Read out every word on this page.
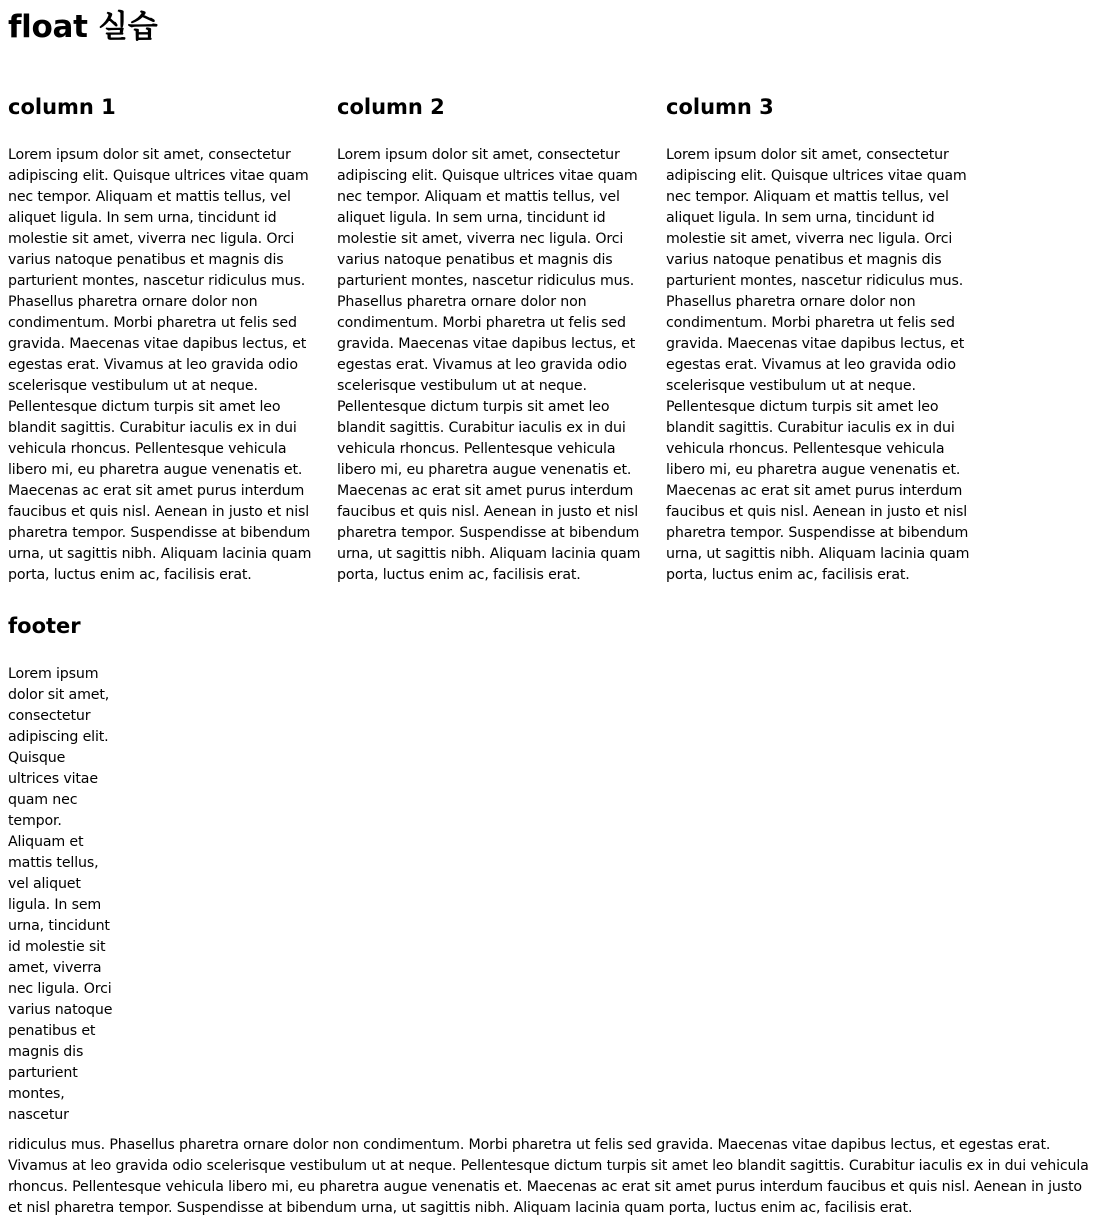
float 실습
column 1

Lorem ipsum dolor sit amet, consectetur adipiscing elit. Quisque ultrices vitae quam nec tempor. Aliquam et mattis tellus, vel aliquet ligula. In sem urna, tincidunt id molestie sit amet, viverra nec ligula. Orci varius natoque penatibus et magnis dis parturient montes, nascetur ridiculus mus. Phasellus pharetra ornare dolor non condimentum. Morbi pharetra ut felis sed gravida. Maecenas vitae dapibus lectus, et egestas erat. Vivamus at leo gravida odio scelerisque vestibulum ut at neque. Pellentesque dictum turpis sit amet leo blandit sagittis. Curabitur iaculis ex in dui vehicula rhoncus. Pellentesque vehicula libero mi, eu pharetra augue venenatis et. Maecenas ac erat sit amet purus interdum faucibus et quis nisl. Aenean in justo et nisl pharetra tempor. Suspendisse at bibendum urna, ut sagittis nibh. Aliquam lacinia quam porta, luctus enim ac, facilisis erat.

column 2

Lorem ipsum dolor sit amet, consectetur adipiscing elit. Quisque ultrices vitae quam nec tempor. Aliquam et mattis tellus, vel aliquet ligula. In sem urna, tincidunt id molestie sit amet, viverra nec ligula. Orci varius natoque penatibus et magnis dis parturient montes, nascetur ridiculus mus. Phasellus pharetra ornare dolor non condimentum. Morbi pharetra ut felis sed gravida. Maecenas vitae dapibus lectus, et egestas erat. Vivamus at leo gravida odio scelerisque vestibulum ut at neque. Pellentesque dictum turpis sit amet leo blandit sagittis. Curabitur iaculis ex in dui vehicula rhoncus. Pellentesque vehicula libero mi, eu pharetra augue venenatis et. Maecenas ac erat sit amet purus interdum faucibus et quis nisl. Aenean in justo et nisl pharetra tempor. Suspendisse at bibendum urna, ut sagittis nibh. Aliquam lacinia quam porta, luctus enim ac, facilisis erat.

column 3

Lorem ipsum dolor sit amet, consectetur adipiscing elit. Quisque ultrices vitae quam nec tempor. Aliquam et mattis tellus, vel aliquet ligula. In sem urna, tincidunt id molestie sit amet, viverra nec ligula. Orci varius natoque penatibus et magnis dis parturient montes, nascetur ridiculus mus. Phasellus pharetra ornare dolor non condimentum. Morbi pharetra ut felis sed gravida. Maecenas vitae dapibus lectus, et egestas erat. Vivamus at leo gravida odio scelerisque vestibulum ut at neque. Pellentesque dictum turpis sit amet leo blandit sagittis. Curabitur iaculis ex in dui vehicula rhoncus. Pellentesque vehicula libero mi, eu pharetra augue venenatis et. Maecenas ac erat sit amet purus interdum faucibus et quis nisl. Aenean in justo et nisl pharetra tempor. Suspendisse at bibendum urna, ut sagittis nibh. Aliquam lacinia quam porta, luctus enim ac, facilisis erat.

footer

Lorem ipsum dolor sit amet, consectetur adipiscing elit. Quisque ultrices vitae quam nec tempor. Aliquam et mattis tellus, vel aliquet ligula. In sem urna, tincidunt id molestie sit amet, viverra nec ligula. Orci varius natoque penatibus et magnis dis parturient montes, nascetur

ridiculus mus. Phasellus pharetra ornare dolor non condimentum. Morbi pharetra ut felis sed gravida. Maecenas vitae dapibus lectus, et egestas erat. Vivamus at leo gravida odio scelerisque vestibulum ut at neque. Pellentesque dictum turpis sit amet leo blandit sagittis. Curabitur iaculis ex in dui vehicula rhoncus. Pellentesque vehicula libero mi, eu pharetra augue venenatis et. Maecenas ac erat sit amet purus interdum faucibus et quis nisl. Aenean in justo et nisl pharetra tempor. Suspendisse at bibendum urna, ut sagittis nibh. Aliquam lacinia quam porta, luctus enim ac, facilisis erat.
